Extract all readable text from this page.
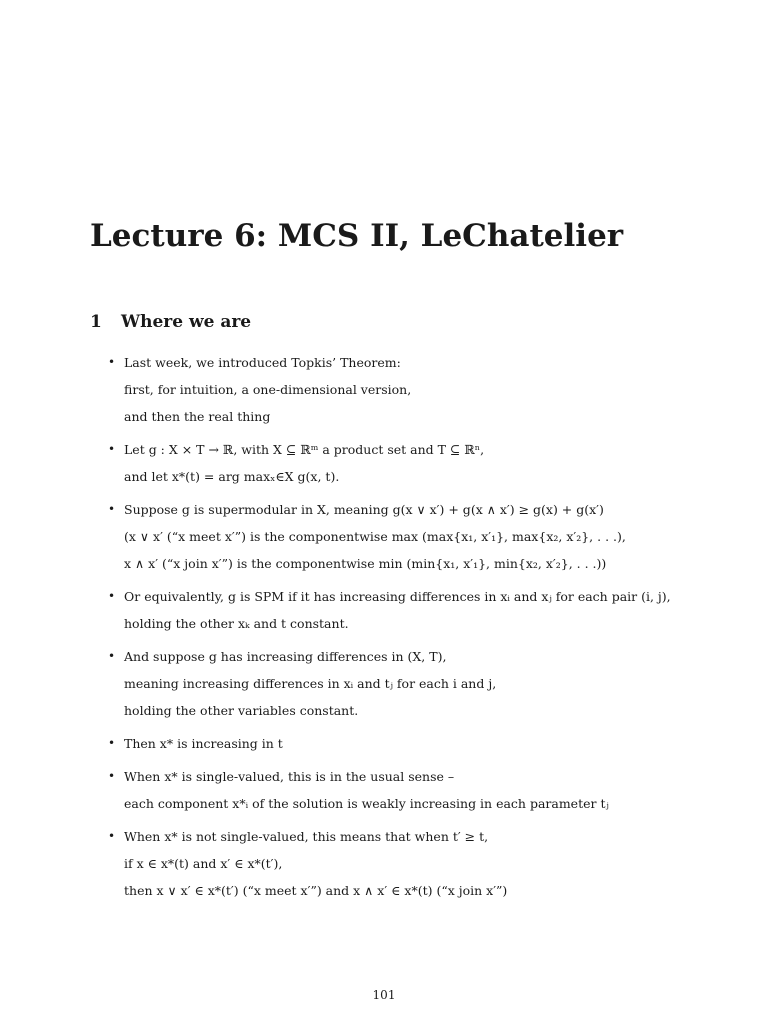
Lecture 6: MCS II, LeChatelier
1 Where we are
• Last week, we introduced Topkis’ Theorem:
first, for intuition, a one-dimensional version,
and then the real thing
• Let g : X × T → ℝ, with X ⊆ ℝᵐ a product set and T ⊆ ℝⁿ,
and let x*(t) = arg maxₓ∈X g(x, t).
• Suppose g is supermodular in X, meaning g(x ∨ x′) + g(x ∧ x′) ≥ g(x) + g(x′)
(x ∨ x′ (“x meet x′”) is the componentwise max (max{x₁, x′₁}, max{x₂, x′₂}, . . .),
x ∧ x′ (“x join x′”) is the componentwise min (min{x₁, x′₁}, min{x₂, x′₂}, . . .))
• Or equivalently, g is SPM if it has increasing differences in xᵢ and xⱼ for each pair (i, j),
holding the other xₖ and t constant.
• And suppose g has increasing differences in (X, T),
meaning increasing differences in xᵢ and tⱼ for each i and j,
holding the other variables constant.
• Then x* is increasing in t
• When x* is single-valued, this is in the usual sense –
each component x*ᵢ of the solution is weakly increasing in each parameter tⱼ
• When x* is not single-valued, this means that when t′ ≥ t,
if x ∈ x*(t) and x′ ∈ x*(t′),
then x ∨ x′ ∈ x*(t′) (“x meet x′”) and x ∧ x′ ∈ x*(t) (“x join x′”)
101
